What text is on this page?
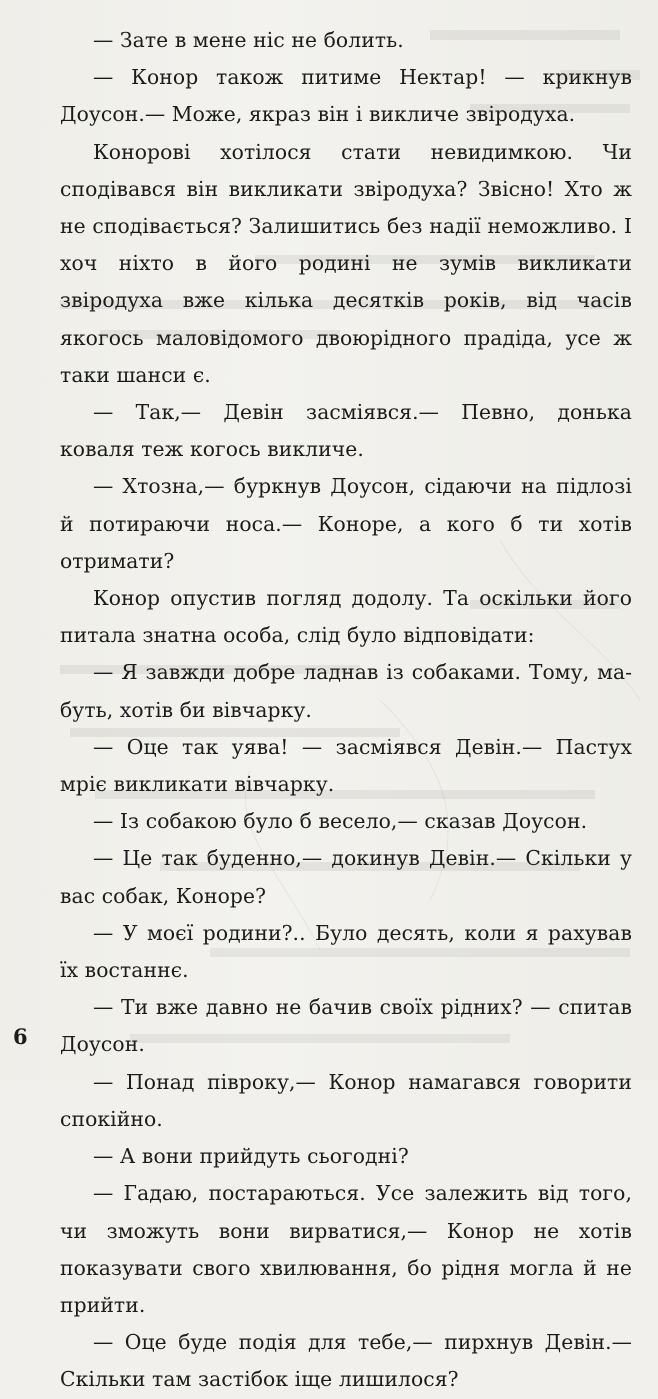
— Зате в мене ніс не болить.

— Конор також питиме Нектар! — крикнув Доусон.— Може, якраз він і викличе звіродуха.

Конорові хотілося стати невидимкою. Чи сподівався він викликати звіродуха? Звісно! Хто ж не сподівається? Залишитись без надії неможливо. І хоч ніхто в його родині не зумів викликати звіродуха вже кілька десятків років, від часів якогось маловідомого двоюрідного прадіда, усе ж таки шанси є.

— Так,— Девін засміявся.— Певно, донька коваля теж когось викличе.

— Хтозна,— буркнув Доусон, сідаючи на підлозі й потираючи носа.— Коноре, а кого б ти хотів отримати?

Конор опустив погляд додолу. Та оскільки його питала знатна особа, слід було відповідати:

— Я завжди добре ладнав із собаками. Тому, мабуть, хотів би вівчарку.

— Оце так уява! — засміявся Девін.— Пастух мріє викликати вівчарку.

— Із собакою було б весело,— сказав Доусон.

— Це так буденно,— докинув Девін.— Скільки у вас собак, Коноре?

— У моєї родини?.. Було десять, коли я рахував їх востаннє.

— Ти вже давно не бачив своїх рідних? — спитав Доусон.

— Понад півроку,— Конор намагався говорити спокійно.

— А вони прийдуть сьогодні?

— Гадаю, постараються. Усе залежить від того, чи зможуть вони вирватися,— Конор не хотів показувати свого хвилювання, бо рідня могла й не прийти.

— Оце буде подія для тебе,— пирхнув Девін.— Скільки там застібок іще лишилося?

6
